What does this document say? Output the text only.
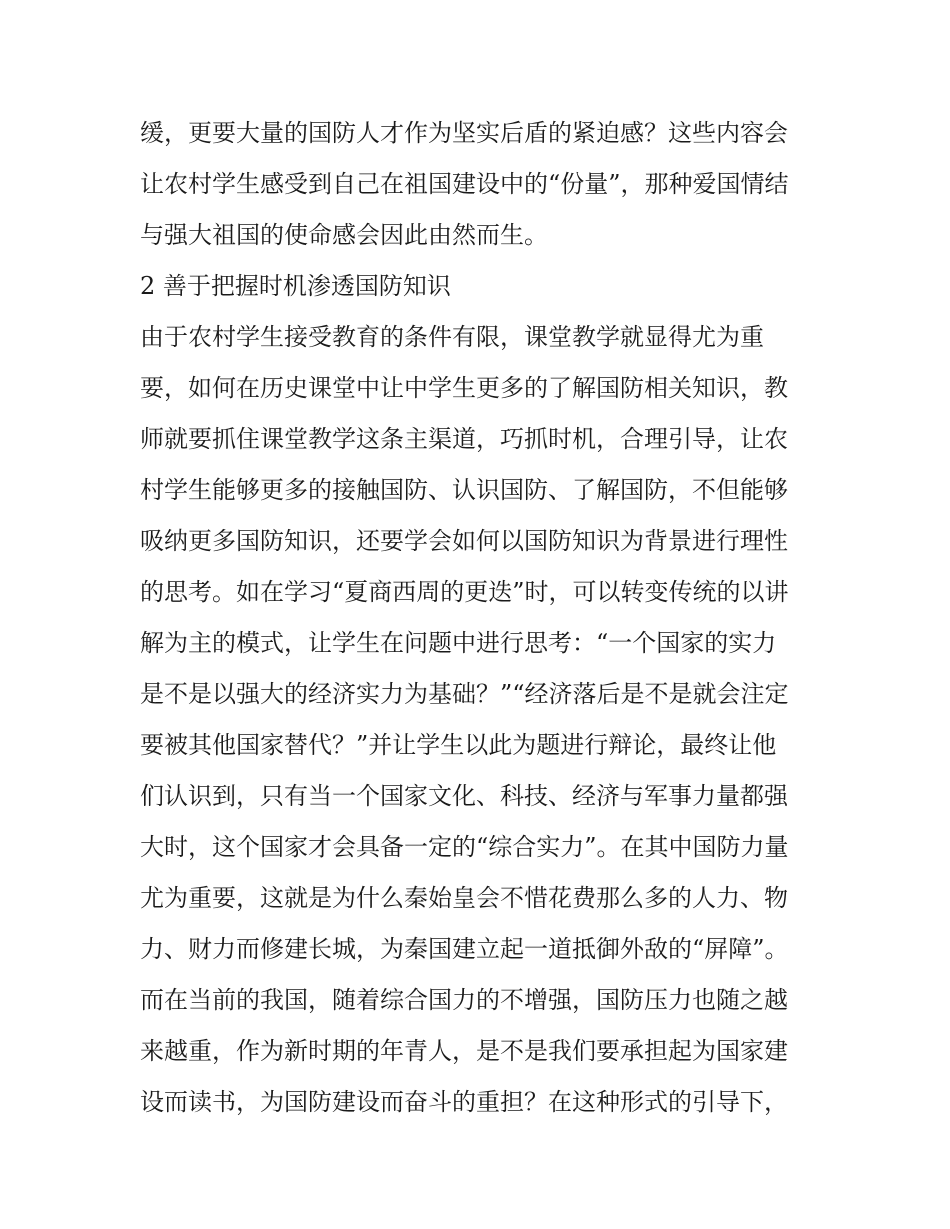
缓，更要大量的国防人才作为坚实后盾的紧迫感？这些内容会
让农村学生感受到自己在祖国建设中的“份量”，那种爱国情结
与强大祖国的使命感会因此由然而生。
2 善于把握时机渗透国防知识
由于农村学生接受教育的条件有限，课堂教学就显得尤为重
要，如何在历史课堂中让中学生更多的了解国防相关知识，教
师就要抓住课堂教学这条主渠道，巧抓时机，合理引导，让农
村学生能够更多的接触国防、认识国防、了解国防，不但能够
吸纳更多国防知识，还要学会如何以国防知识为背景进行理性
的思考。如在学习“夏商西周的更迭”时，可以转变传统的以讲
解为主的模式，让学生在问题中进行思考：“一个国家的实力
是不是以强大的经济实力为基础？”“经济落后是不是就会注定
要被其他国家替代？”并让学生以此为题进行辩论，最终让他
们认识到，只有当一个国家文化、科技、经济与军事力量都强
大时，这个国家才会具备一定的“综合实力”。在其中国防力量
尤为重要，这就是为什么秦始皇会不惜花费那么多的人力、物
力、财力而修建长城，为秦国建立起一道抵御外敌的“屏障”。
而在当前的我国，随着综合国力的不增强，国防压力也随之越
来越重，作为新时期的年青人，是不是我们要承担起为国家建
设而读书，为国防建设而奋斗的重担？在这种形式的引导下，
